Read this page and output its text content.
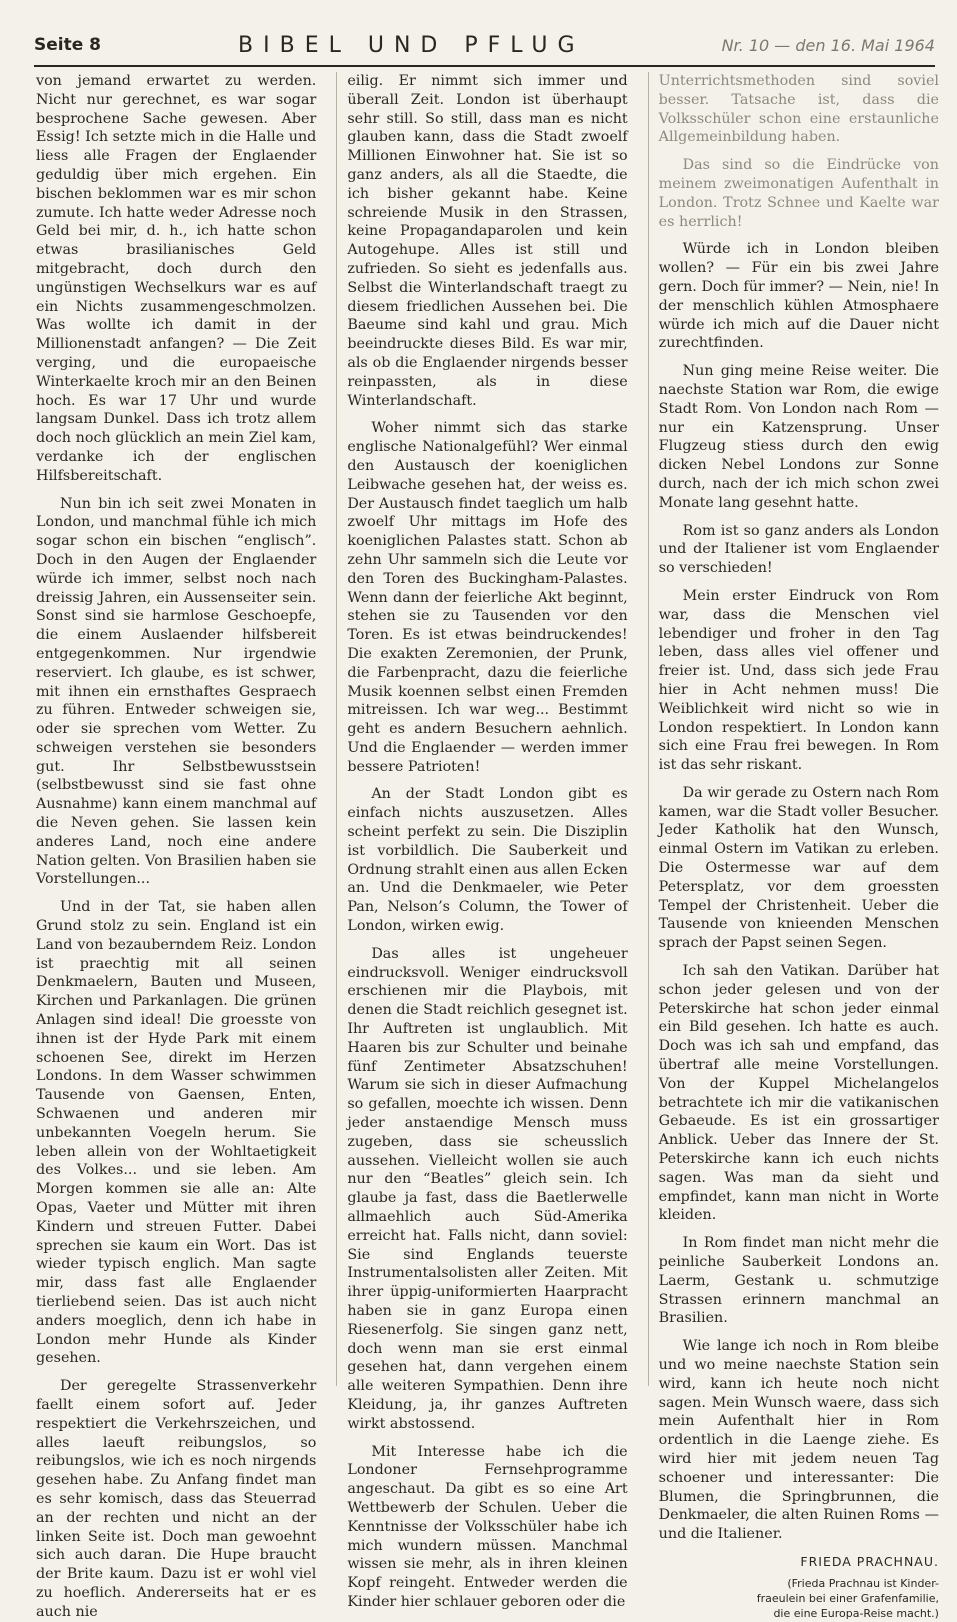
Seite 8	BIBEL UND PFLUG	Nr. 10 — den 16. Mai 1964

von jemand erwartet zu werden. Nicht nur gerechnet, es war sogar besprochene Sache gewesen. Aber Essig! Ich setzte mich in die Halle und liess alle Fragen der Englaender geduldig über mich ergehen. Ein bischen beklommen war es mir schon zumute. Ich hatte weder Adresse noch Geld bei mir, d. h., ich hatte schon etwas brasilianisches Geld mitgebracht, doch durch den ungünstigen Wechselkurs war es auf ein Nichts zusammengeschmolzen. Was wollte ich damit in der Millionenstadt anfangen? — Die Zeit verging, und die europaeische Winterkaelte kroch mir an den Beinen hoch. Es war 17 Uhr und wurde langsam Dunkel. Dass ich trotz allem doch noch glücklich an mein Ziel kam, verdanke ich der englischen Hilfsbereitschaft.

Nun bin ich seit zwei Monaten in London, und manchmal fühle ich mich sogar schon ein bischen “englisch”. Doch in den Augen der Englaender würde ich immer, selbst noch nach dreissig Jahren, ein Aussenseiter sein. Sonst sind sie harmlose Geschoepfe, die einem Auslaender hilfsbereit entgegenkommen. Nur irgendwie reserviert. Ich glaube, es ist schwer, mit ihnen ein ernsthaftes Gespraech zu führen. Entweder schweigen sie, oder sie sprechen vom Wetter. Zu schweigen verstehen sie besonders gut. Ihr Selbstbewusstsein (selbstbewusst sind sie fast ohne Ausnahme) kann einem manchmal auf die Neven gehen. Sie lassen kein anderes Land, noch eine andere Nation gelten. Von Brasilien haben sie Vorstellungen...

Und in der Tat, sie haben allen Grund stolz zu sein. England ist ein Land von bezauberndem Reiz. London ist praechtig mit all seinen Denkmaelern, Bauten und Museen, Kirchen und Parkanlagen. Die grünen Anlagen sind ideal! Die groesste von ihnen ist der Hyde Park mit einem schoenen See, direkt im Herzen Londons. In dem Wasser schwimmen Tausende von Gaensen, Enten, Schwaenen und anderen mir unbekannten Voegeln herum. Sie leben allein von der Wohltaetigkeit des Volkes... und sie leben. Am Morgen kommen sie alle an: Alte Opas, Vaeter und Mütter mit ihren Kindern und streuen Futter. Dabei sprechen sie kaum ein Wort. Das ist wieder typisch englich. Man sagte mir, dass fast alle Englaender tierliebend seien. Das ist auch nicht anders moeglich, denn ich habe in London mehr Hunde als Kinder gesehen.

Der geregelte Strassenverkehr faellt einem sofort auf. Jeder respektiert die Verkehrszeichen, und alles laeuft reibungslos, so reibungslos, wie ich es noch nirgends gesehen habe. Zu Anfang findet man es sehr komisch, dass das Steuerrad an der rechten und nicht an der linken Seite ist. Doch man gewoehnt sich auch daran. Die Hupe braucht der Brite kaum. Dazu ist er wohl viel zu hoeflich. Andererseits hat er es auch nie

eilig. Er nimmt sich immer und überall Zeit. London ist überhaupt sehr still. So still, dass man es nicht glauben kann, dass die Stadt zwoelf Millionen Einwohner hat. Sie ist so ganz anders, als all die Staedte, die ich bisher gekannt habe. Keine schreiende Musik in den Strassen, keine Propagandaparolen und kein Autogehupe. Alles ist still und zufrieden. So sieht es jedenfalls aus. Selbst die Winterlandschaft traegt zu diesem friedlichen Aussehen bei. Die Baeume sind kahl und grau. Mich beeindruckte dieses Bild. Es war mir, als ob die Englaender nirgends besser reinpassten, als in diese Winterlandschaft.

Woher nimmt sich das starke englische Nationalgefühl? Wer einmal den Austausch der koeniglichen Leibwache gesehen hat, der weiss es. Der Austausch findet taeglich um halb zwoelf Uhr mittags im Hofe des koeniglichen Palastes statt. Schon ab zehn Uhr sammeln sich die Leute vor den Toren des Buckingham-Palastes. Wenn dann der feierliche Akt beginnt, stehen sie zu Tausenden vor den Toren. Es ist etwas beindruckendes! Die exakten Zeremonien, der Prunk, die Farbenpracht, dazu die feierliche Musik koennen selbst einen Fremden mitreissen. Ich war weg... Bestimmt geht es andern Besuchern aehnlich. Und die Englaender — werden immer bessere Patrioten!

An der Stadt London gibt es einfach nichts auszusetzen. Alles scheint perfekt zu sein. Die Disziplin ist vorbildlich. Die Sauberkeit und Ordnung strahlt einen aus allen Ecken an. Und die Denkmaeler, wie Peter Pan, Nelson’s Column, the Tower of London, wirken ewig.

Das alles ist ungeheuer eindrucksvoll. Weniger eindrucksvoll erschienen mir die Playbois, mit denen die Stadt reichlich gesegnet ist. Ihr Auftreten ist unglaublich. Mit Haaren bis zur Schulter und beinahe fünf Zentimeter Absatzschuhen! Warum sie sich in dieser Aufmachung so gefallen, moechte ich wissen. Denn jeder anstaendige Mensch muss zugeben, dass sie scheusslich aussehen. Vielleicht wollen sie auch nur den “Beatles” gleich sein. Ich glaube ja fast, dass die Baetlerwelle allmaehlich auch Süd-Amerika erreicht hat. Falls nicht, dann soviel: Sie sind Englands teuerste Instrumentalsolisten aller Zeiten. Mit ihrer üppig-uniformierten Haarpracht haben sie in ganz Europa einen Riesenerfolg. Sie singen ganz nett, doch wenn man sie erst einmal gesehen hat, dann vergehen einem alle weiteren Sympathien. Denn ihre Kleidung, ja, ihr ganzes Auftreten wirkt abstossend.

Mit Interesse habe ich die Londoner Fernsehprogramme angeschaut. Da gibt es so eine Art Wettbewerb der Schulen. Ueber die Kenntnisse der Volksschüler habe ich mich wundern müssen. Manchmal wissen sie mehr, als in ihren kleinen Kopf reingeht. Entweder werden die Kinder hier schlauer geboren oder die

Unterrichtsmethoden sind soviel besser. Tatsache ist, dass die Volksschüler schon eine erstaunliche Allgemeinbildung haben.

Das sind so die Eindrücke von meinem zweimonatigen Aufenthalt in London. Trotz Schnee und Kaelte war es herrlich!

Würde ich in London bleiben wollen? — Für ein bis zwei Jahre gern. Doch für immer? — Nein, nie! In der menschlich kühlen Atmosphaere würde ich mich auf die Dauer nicht zurechtfinden.

Nun ging meine Reise weiter. Die naechste Station war Rom, die ewige Stadt Rom. Von London nach Rom — nur ein Katzensprung. Unser Flugzeug stiess durch den ewig dicken Nebel Londons zur Sonne durch, nach der ich mich schon zwei Monate lang gesehnt hatte.

Rom ist so ganz anders als London und der Italiener ist vom Englaender so verschieden!

Mein erster Eindruck von Rom war, dass die Menschen viel lebendiger und froher in den Tag leben, dass alles viel offener und freier ist. Und, dass sich jede Frau hier in Acht nehmen muss! Die Weiblichkeit wird nicht so wie in London respektiert. In London kann sich eine Frau frei bewegen. In Rom ist das sehr riskant.

Da wir gerade zu Ostern nach Rom kamen, war die Stadt voller Besucher. Jeder Katholik hat den Wunsch, einmal Ostern im Vatikan zu erleben. Die Ostermesse war auf dem Petersplatz, vor dem groessten Tempel der Christenheit. Ueber die Tausende von knieenden Menschen sprach der Papst seinen Segen.

Ich sah den Vatikan. Darüber hat schon jeder gelesen und von der Peterskirche hat schon jeder einmal ein Bild gesehen. Ich hatte es auch. Doch was ich sah und empfand, das übertraf alle meine Vorstellungen. Von der Kuppel Michelangelos betrachtete ich mir die vatikanischen Gebaeude. Es ist ein grossartiger Anblick. Ueber das Innere der St. Peterskirche kann ich euch nichts sagen. Was man da sieht und empfindet, kann man nicht in Worte kleiden.

In Rom findet man nicht mehr die peinliche Sauberkeit Londons an. Laerm, Gestank u. schmutzige Strassen erinnern manchmal an Brasilien.

Wie lange ich noch in Rom bleibe und wo meine naechste Station sein wird, kann ich heute noch nicht sagen. Mein Wunsch waere, dass sich mein Aufenthalt hier in Rom ordentlich in die Laenge ziehe. Es wird hier mit jedem neuen Tag schoener und interessanter: Die Blumen, die Springbrunnen, die Denkmaeler, die alten Ruinen Roms — und die Italiener.

FRIEDA PRACHNAU.
(Frieda Prachnau ist Kinder-
fraeulein bei einer Grafenfamilie,
die eine Europa-Reise macht.)
